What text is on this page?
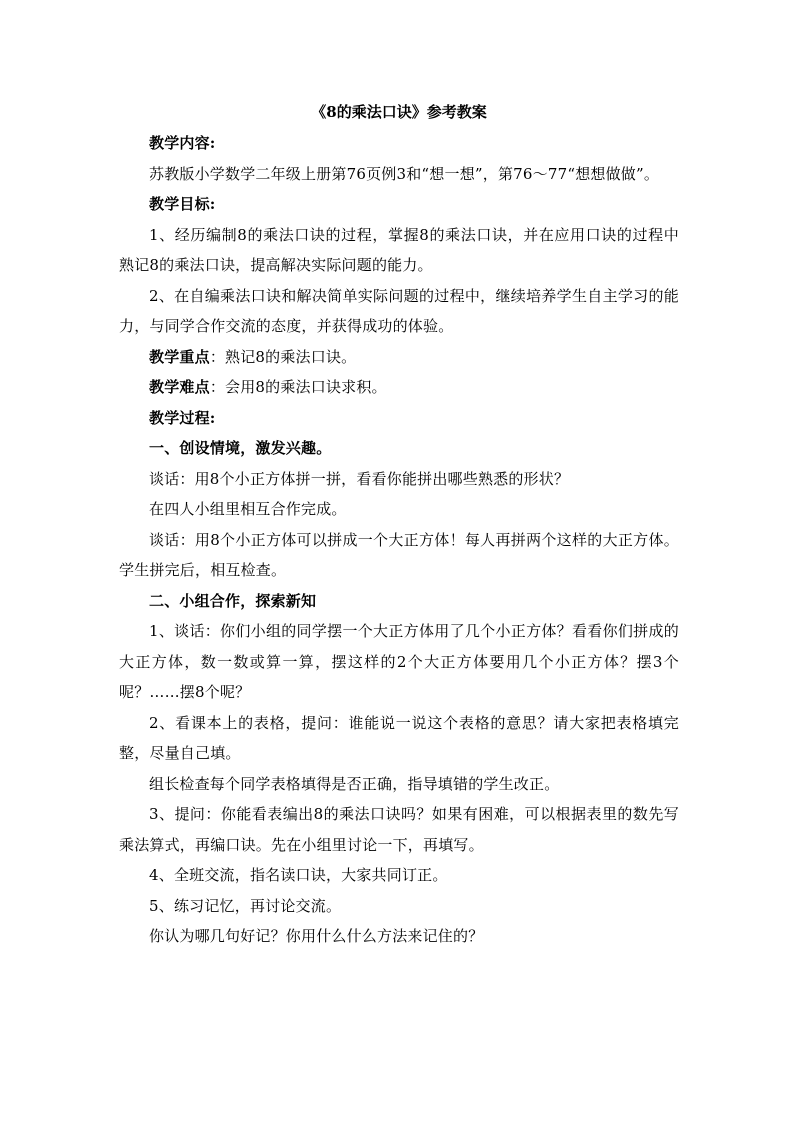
《8的乘法口诀》参考教案

教学内容:

苏教版小学数学二年级上册第76页例3和“想一想”，第76～77“想想做做”。

教学目标:

1、经历编制8的乘法口诀的过程，掌握8的乘法口诀，并在应用口诀的过程中熟记8的乘法口诀，提高解决实际问题的能力。

2、在自编乘法口诀和解决简单实际问题的过程中，继续培养学生自主学习的能力，与同学合作交流的态度，并获得成功的体验。

教学重点：熟记8的乘法口诀。

教学难点：会用8的乘法口诀求积。

教学过程:

一、创设情境，激发兴趣。

谈话：用8个小正方体拼一拼，看看你能拼出哪些熟悉的形状？

在四人小组里相互合作完成。

谈话：用8个小正方体可以拼成一个大正方体！每人再拼两个这样的大正方体。学生拼完后，相互检查。

二、小组合作，探索新知

1、谈话：你们小组的同学摆一个大正方体用了几个小正方体？看看你们拼成的大正方体，数一数或算一算，摆这样的2个大正方体要用几个小正方体？摆3个呢？……摆8个呢？

2、看课本上的表格，提问：谁能说一说这个表格的意思？请大家把表格填完整，尽量自己填。

组长检查每个同学表格填得是否正确，指导填错的学生改正。

3、提问：你能看表编出8的乘法口诀吗？如果有困难，可以根据表里的数先写乘法算式，再编口诀。先在小组里讨论一下，再填写。

4、全班交流，指名读口诀，大家共同订正。

5、练习记忆，再讨论交流。

你认为哪几句好记？你用什么什么方法来记住的？
